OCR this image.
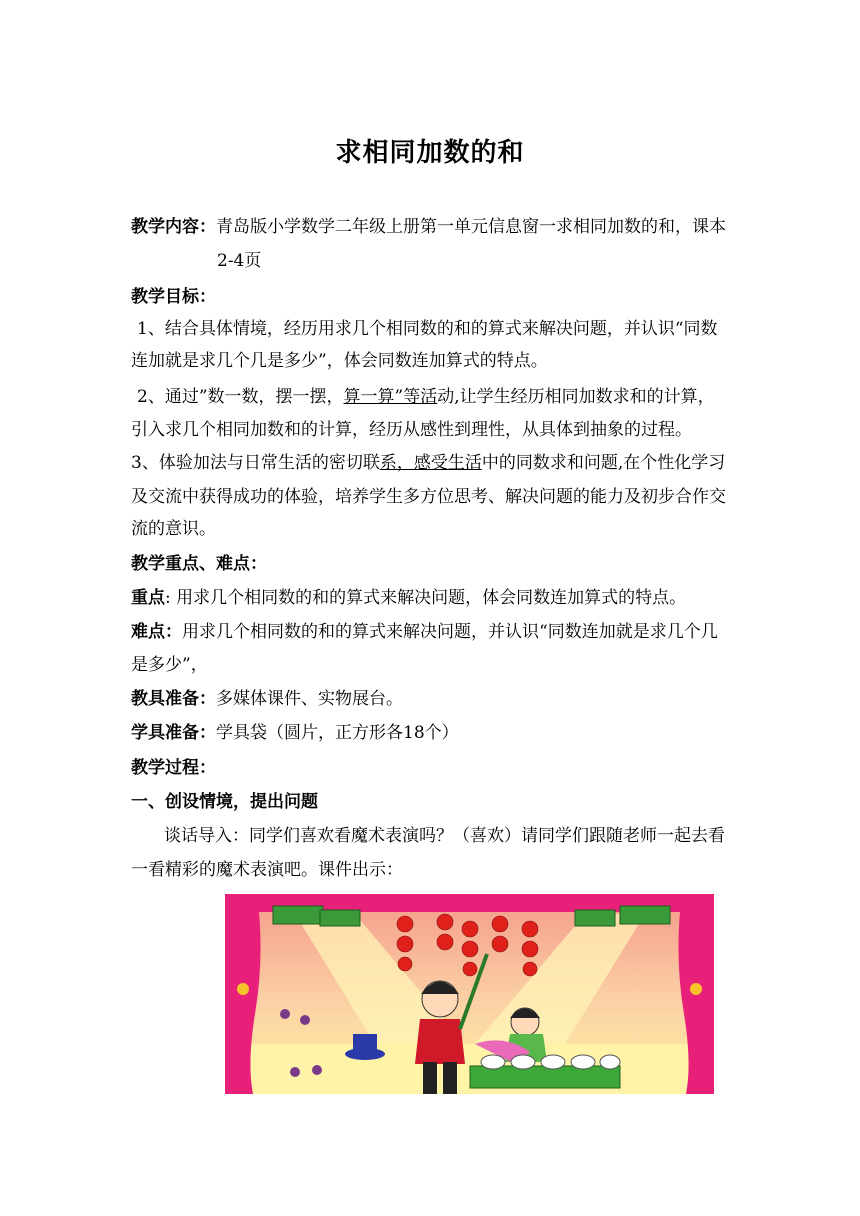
求相同加数的和
教学内容：青岛版小学数学二年级上册第一单元信息窗一求相同加数的和，课本
2-4页
教学目标：
1、结合具体情境，经历用求几个相同数的和的算式来解决问题，并认识“同数
连加就是求几个几是多少”，体会同数连加算式的特点。
2、通过”数一数，摆一摆，算一算”等活动,让学生经历相同加数求和的计算，
引入求几个相同加数和的计算，经历从感性到理性，从具体到抽象的过程。
3、体验加法与日常生活的密切联系，感受生活中的同数求和问题,在个性化学习
及交流中获得成功的体验，培养学生多方位思考、解决问题的能力及初步合作交
流的意识。
教学重点、难点：
重点: 用求几个相同数的和的算式来解决问题，体会同数连加算式的特点。
难点：用求几个相同数的和的算式来解决问题，并认识“同数连加就是求几个几
是多少”，
教具准备：多媒体课件、实物展台。
学具准备：学具袋（圆片，正方形各18个）
教学过程：
一、创设情境，提出问题
谈话导入：同学们喜欢看魔术表演吗？（喜欢）请同学们跟随老师一起去看
一看精彩的魔术表演吧。课件出示：
